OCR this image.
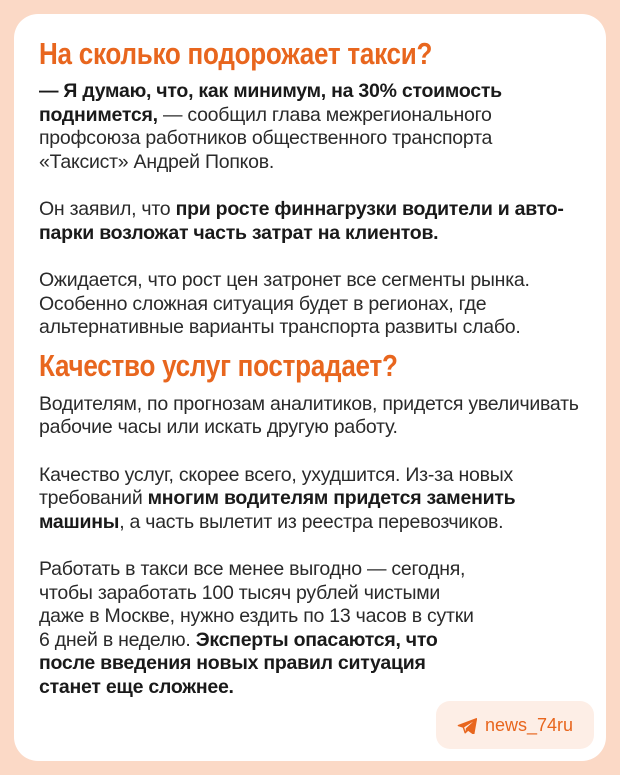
На сколько подорожает такси?

— Я думаю, что, как минимум, на 30% стоимость поднимется, — сообщил глава межрегионального профсоюза работников общественного транспорта «Таксист» Андрей Попков.

Он заявил, что при росте финнагрузки водители и авто-парки возложат часть затрат на клиентов.

Ожидается, что рост цен затронет все сегменты рынка. Особенно сложная ситуация будет в регионах, где альтернативные варианты транспорта развиты слабо.

Качество услуг пострадает?

Водителям, по прогнозам аналитиков, придется увеличивать рабочие часы или искать другую работу.

Качество услуг, скорее всего, ухудшится. Из-за новых требований многим водителям придется заменить машины, а часть вылетит из реестра перевозчиков.

Работать в такси все менее выгодно — сегодня, чтобы заработать 100 тысяч рублей чистыми даже в Москве, нужно ездить по 13 часов в сутки 6 дней в неделю. Эксперты опасаются, что после введения новых правил ситуация станет еще сложнее.

news_74ru
